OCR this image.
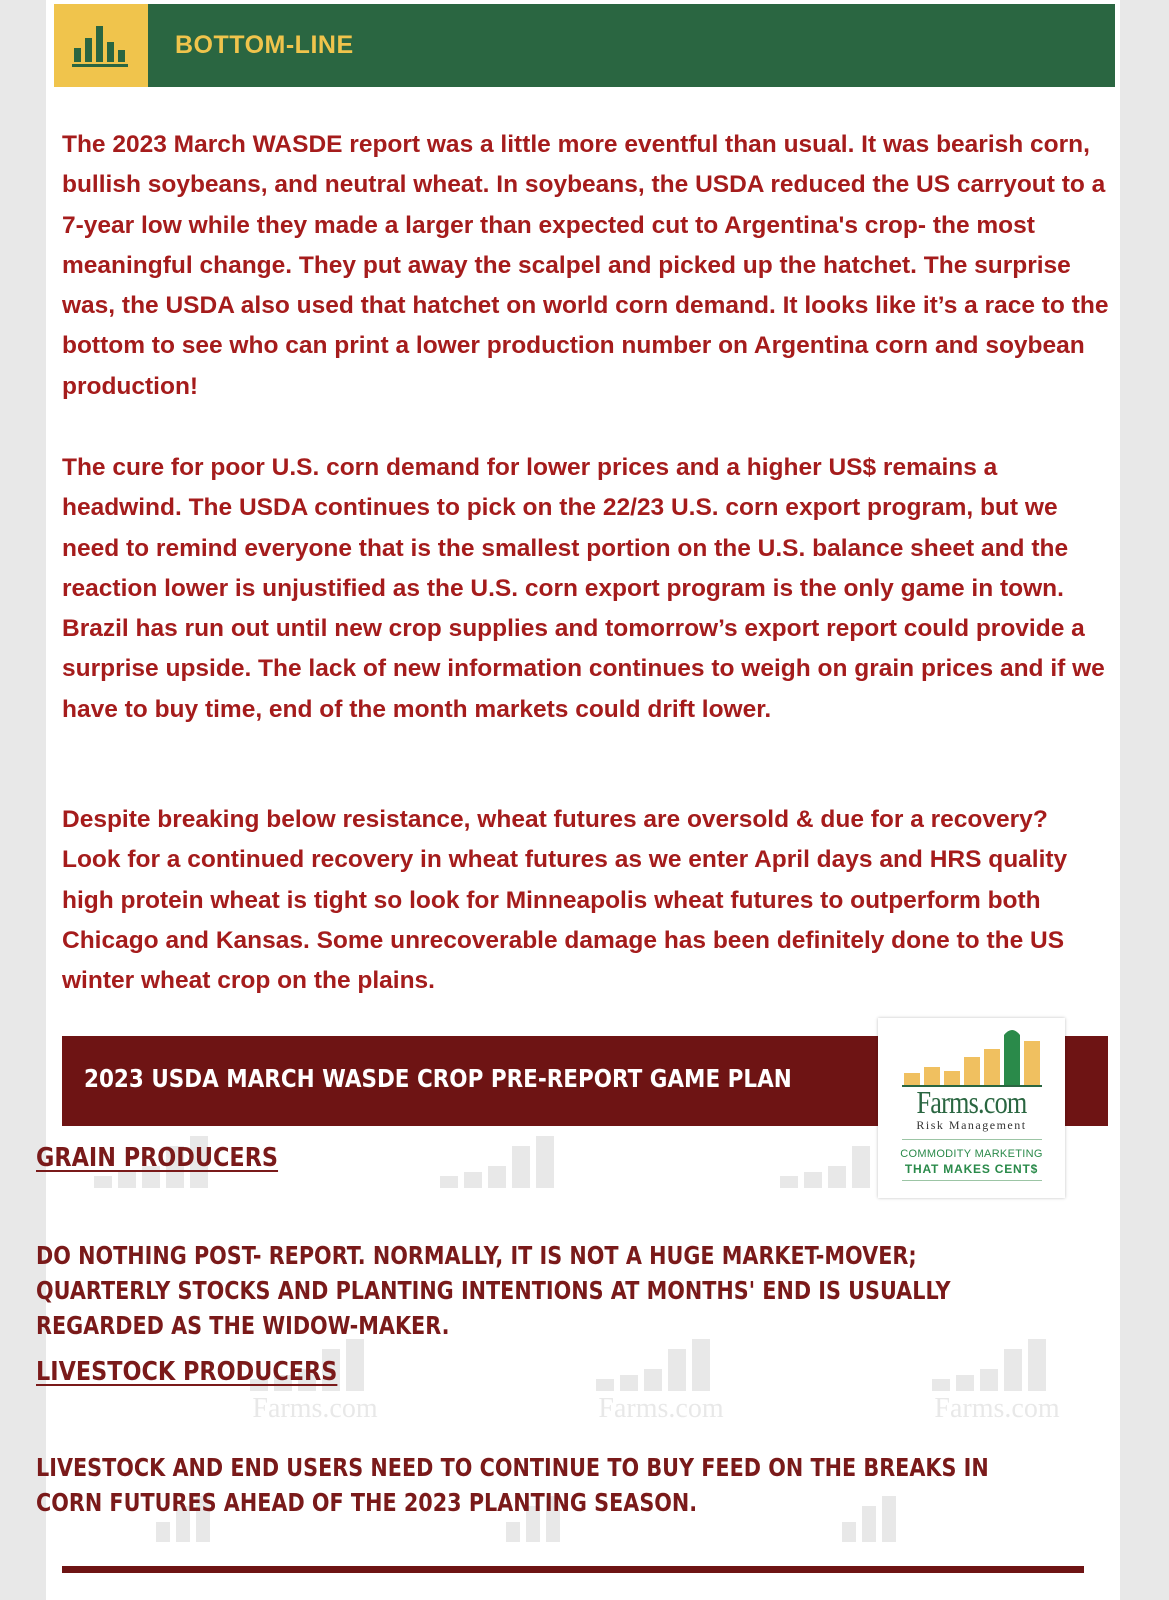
BOTTOM-LINE

The 2023 March WASDE report was a little more eventful than usual. It was bearish corn, bullish soybeans, and neutral wheat. In soybeans, the USDA reduced the US carryout to a 7-year low while they made a larger than expected cut to Argentina's crop- the most meaningful change. They put away the scalpel and picked up the hatchet. The surprise was, the USDA also used that hatchet on world corn demand. It looks like it’s a race to the bottom to see who can print a lower production number on Argentina corn and soybean production!

The cure for poor U.S. corn demand for lower prices and a higher US$ remains a headwind. The USDA continues to pick on the 22/23 U.S. corn export program, but we need to remind everyone that is the smallest portion on the U.S. balance sheet and the reaction lower is unjustified as the U.S. corn export program is the only game in town. Brazil has run out until new crop supplies and tomorrow’s export report could provide a surprise upside. The lack of new information continues to weigh on grain prices and if we have to buy time, end of the month markets could drift lower.

Despite breaking below resistance, wheat futures are oversold & due for a recovery? Look for a continued recovery in wheat futures as we enter April days and HRS quality high protein wheat is tight so look for Minneapolis wheat futures to outperform both Chicago and Kansas. Some unrecoverable damage has been definitely done to the US winter wheat crop on the plains.

2023 USDA MARCH WASDE CROP PRE-REPORT GAME PLAN
Farms.com	Farms.com	Farms.com
Farms.com
Risk Management
COMMODITY MARKETING
THAT MAKES CENT$
GRAIN PRODUCERS

DO NOTHING POST- REPORT. NORMALLY, IT IS NOT A HUGE MARKET-MOVER; QUARTERLY STOCKS AND PLANTING INTENTIONS AT MONTHS' END IS USUALLY REGARDED AS THE WIDOW-MAKER.

LIVESTOCK PRODUCERS

LIVESTOCK AND END USERS NEED TO CONTINUE TO BUY FEED ON THE BREAKS IN CORN FUTURES AHEAD OF THE 2023 PLANTING SEASON.
